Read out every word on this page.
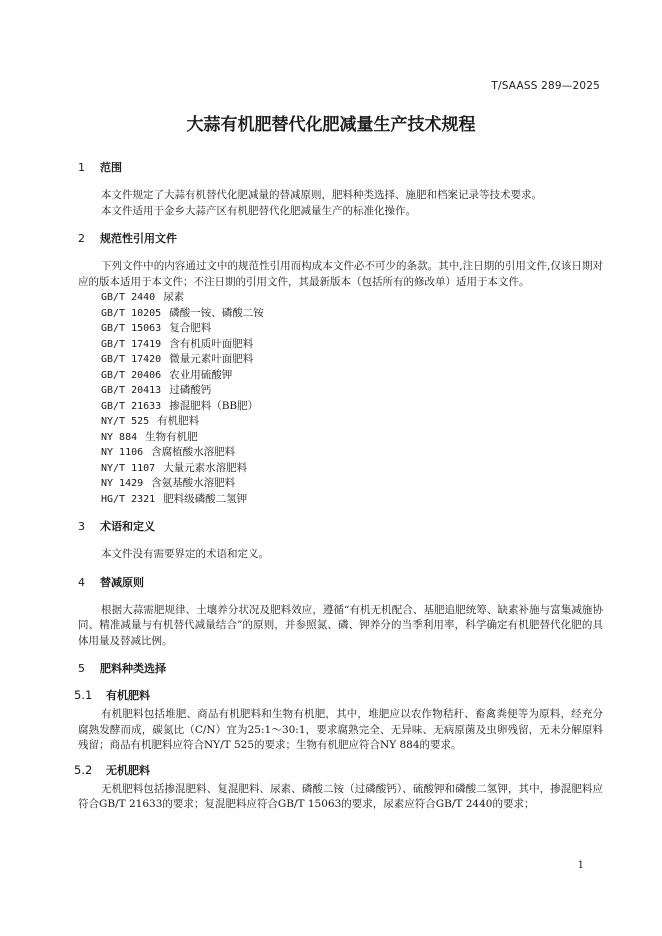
T/SAASS 289—2025
大蒜有机肥替代化肥减量生产技术规程
1 范围

本文件规定了大蒜有机替代化肥减量的替减原则，肥料种类选择、施肥和档案记录等技术要求。

本文件适用于金乡大蒜产区有机肥替代化肥减量生产的标准化操作。

2 规范性引用文件

下列文件中的内容通过文中的规范性引用而构成本文件必不可少的条款。其中,注日期的引用文件,仅该日期对应的版本适用于本文件；不注日期的引用文件，其最新版本（包括所有的修改单）适用于本文件。

GB/T 2440 尿素
GB/T 10205 磷酸一铵、磷酸二铵
GB/T 15063 复合肥料
GB/T 17419 含有机质叶面肥料
GB/T 17420 微量元素叶面肥料
GB/T 20406 农业用硫酸钾
GB/T 20413 过磷酸钙
GB/T 21633 掺混肥料（BB肥）
NY/T 525 有机肥料
NY 884 生物有机肥
NY 1106 含腐植酸水溶肥料
NY/T 1107 大量元素水溶肥料
NY 1429 含氨基酸水溶肥料
HG/T 2321 肥料级磷酸二氢钾
3 术语和定义

本文件没有需要界定的术语和定义。

4 替减原则

根据大蒜需肥规律、土壤养分状况及肥料效应，遵循“有机无机配合、基肥追肥统筹、缺素补施与富集减施协同、精准减量与有机替代减量结合”的原则，并参照氮、磷、钾养分的当季利用率，科学确定有机肥替代化肥的具体用量及替减比例。

5 肥料种类选择
5.1 有机肥料

有机肥料包括堆肥、商品有机肥料和生物有机肥，其中，堆肥应以农作物秸秆、畜禽粪便等为原料，经充分腐熟发酵而成，碳氮比（C/N）宜为25:1～30:1，要求腐熟完全、无异味、无病原菌及虫卵残留，无未分解原料残留；商品有机肥料应符合NY/T 525的要求；生物有机肥应符合NY 884的要求。

5.2 无机肥料

无机肥料包括掺混肥料、复混肥料、尿素、磷酸二铵（过磷酸钙）、硫酸钾和磷酸二氢钾，其中，掺混肥料应符合GB/T 21633的要求；复混肥料应符合GB/T 15063的要求，尿素应符合GB/T 2440的要求；

1
